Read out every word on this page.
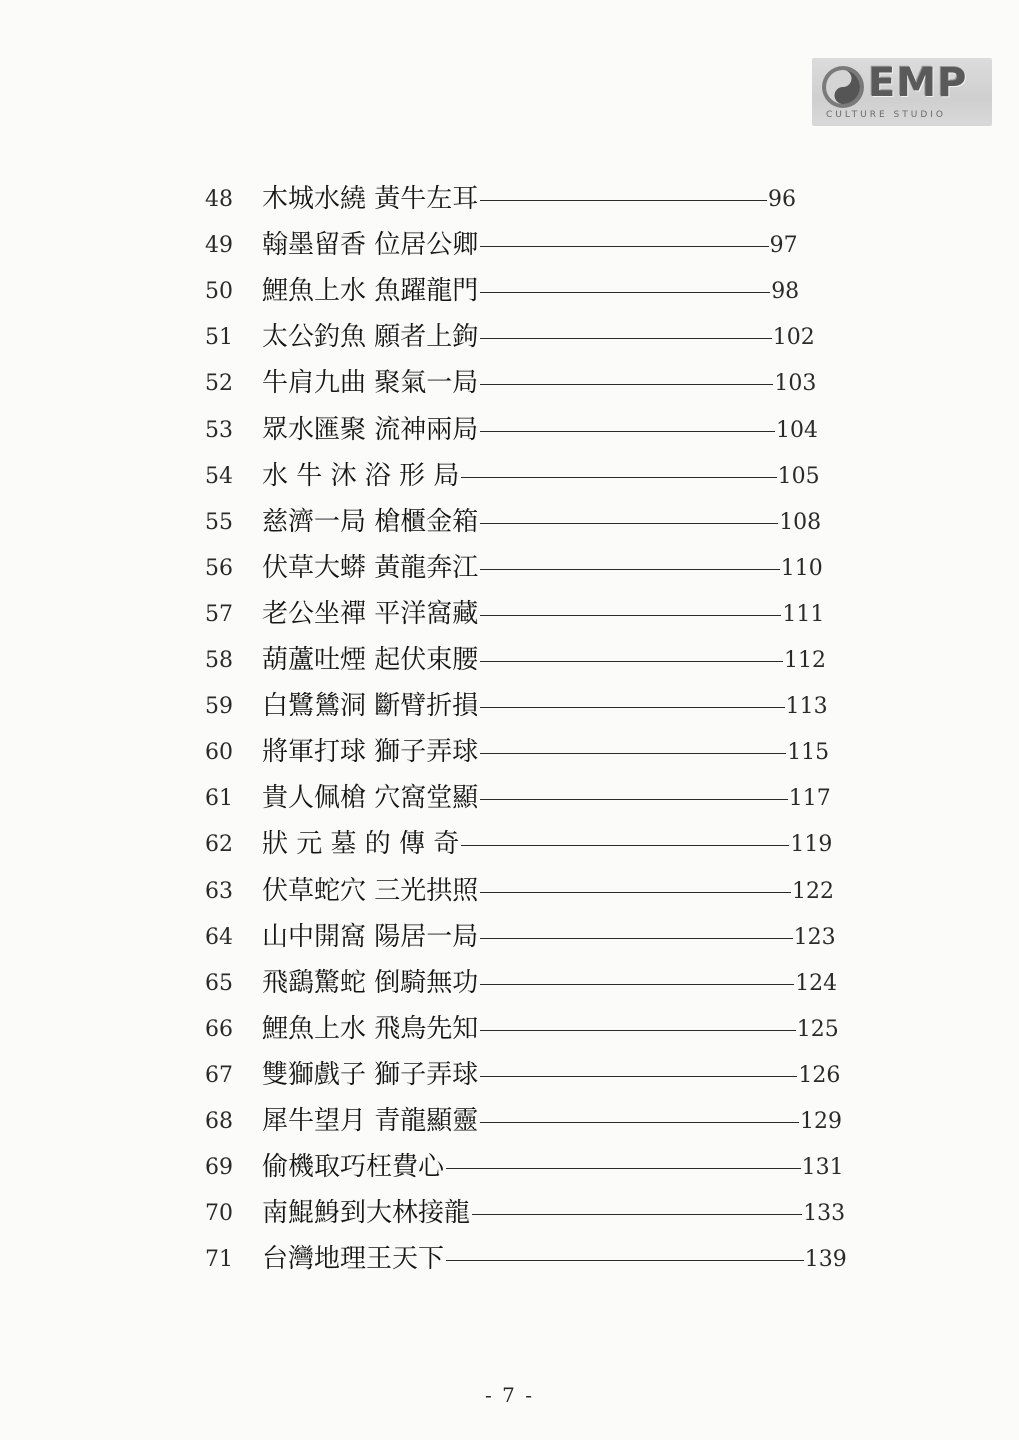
EMP
CULTURE STUDIO
48 木城水繞 黃牛左耳	96
49 翰墨留香 位居公卿	97
50 鯉魚上水 魚躍龍門	98
51 太公釣魚 願者上鉤	102
52 牛肩九曲 聚氣一局	103
53 眾水匯聚 流神兩局	104
54 水 牛 沐 浴 形 局	105
55 慈濟一局 槍櫃金箱	108
56 伏草大蟒 黃龍奔江	110
57 老公坐禪 平洋窩藏	111
58 葫蘆吐煙 起伏束腰	112
59 白鷺鷥洞 斷臂折損	113
60 將軍打球 獅子弄球	115
61 貴人佩槍 穴窩堂顯	117
62 狀 元 墓 的 傳 奇	119
63 伏草蛇穴 三光拱照	122
64 山中開窩 陽居一局	123
65 飛鷂驚蛇 倒騎無功	124
66 鯉魚上水 飛鳥先知	125
67 雙獅戲子 獅子弄球	126
68 犀牛望月 青龍顯靈	129
69 偷機取巧枉費心	131
70 南鯤鯓到大林接龍	133
71 台灣地理王天下	139
- 7 -
